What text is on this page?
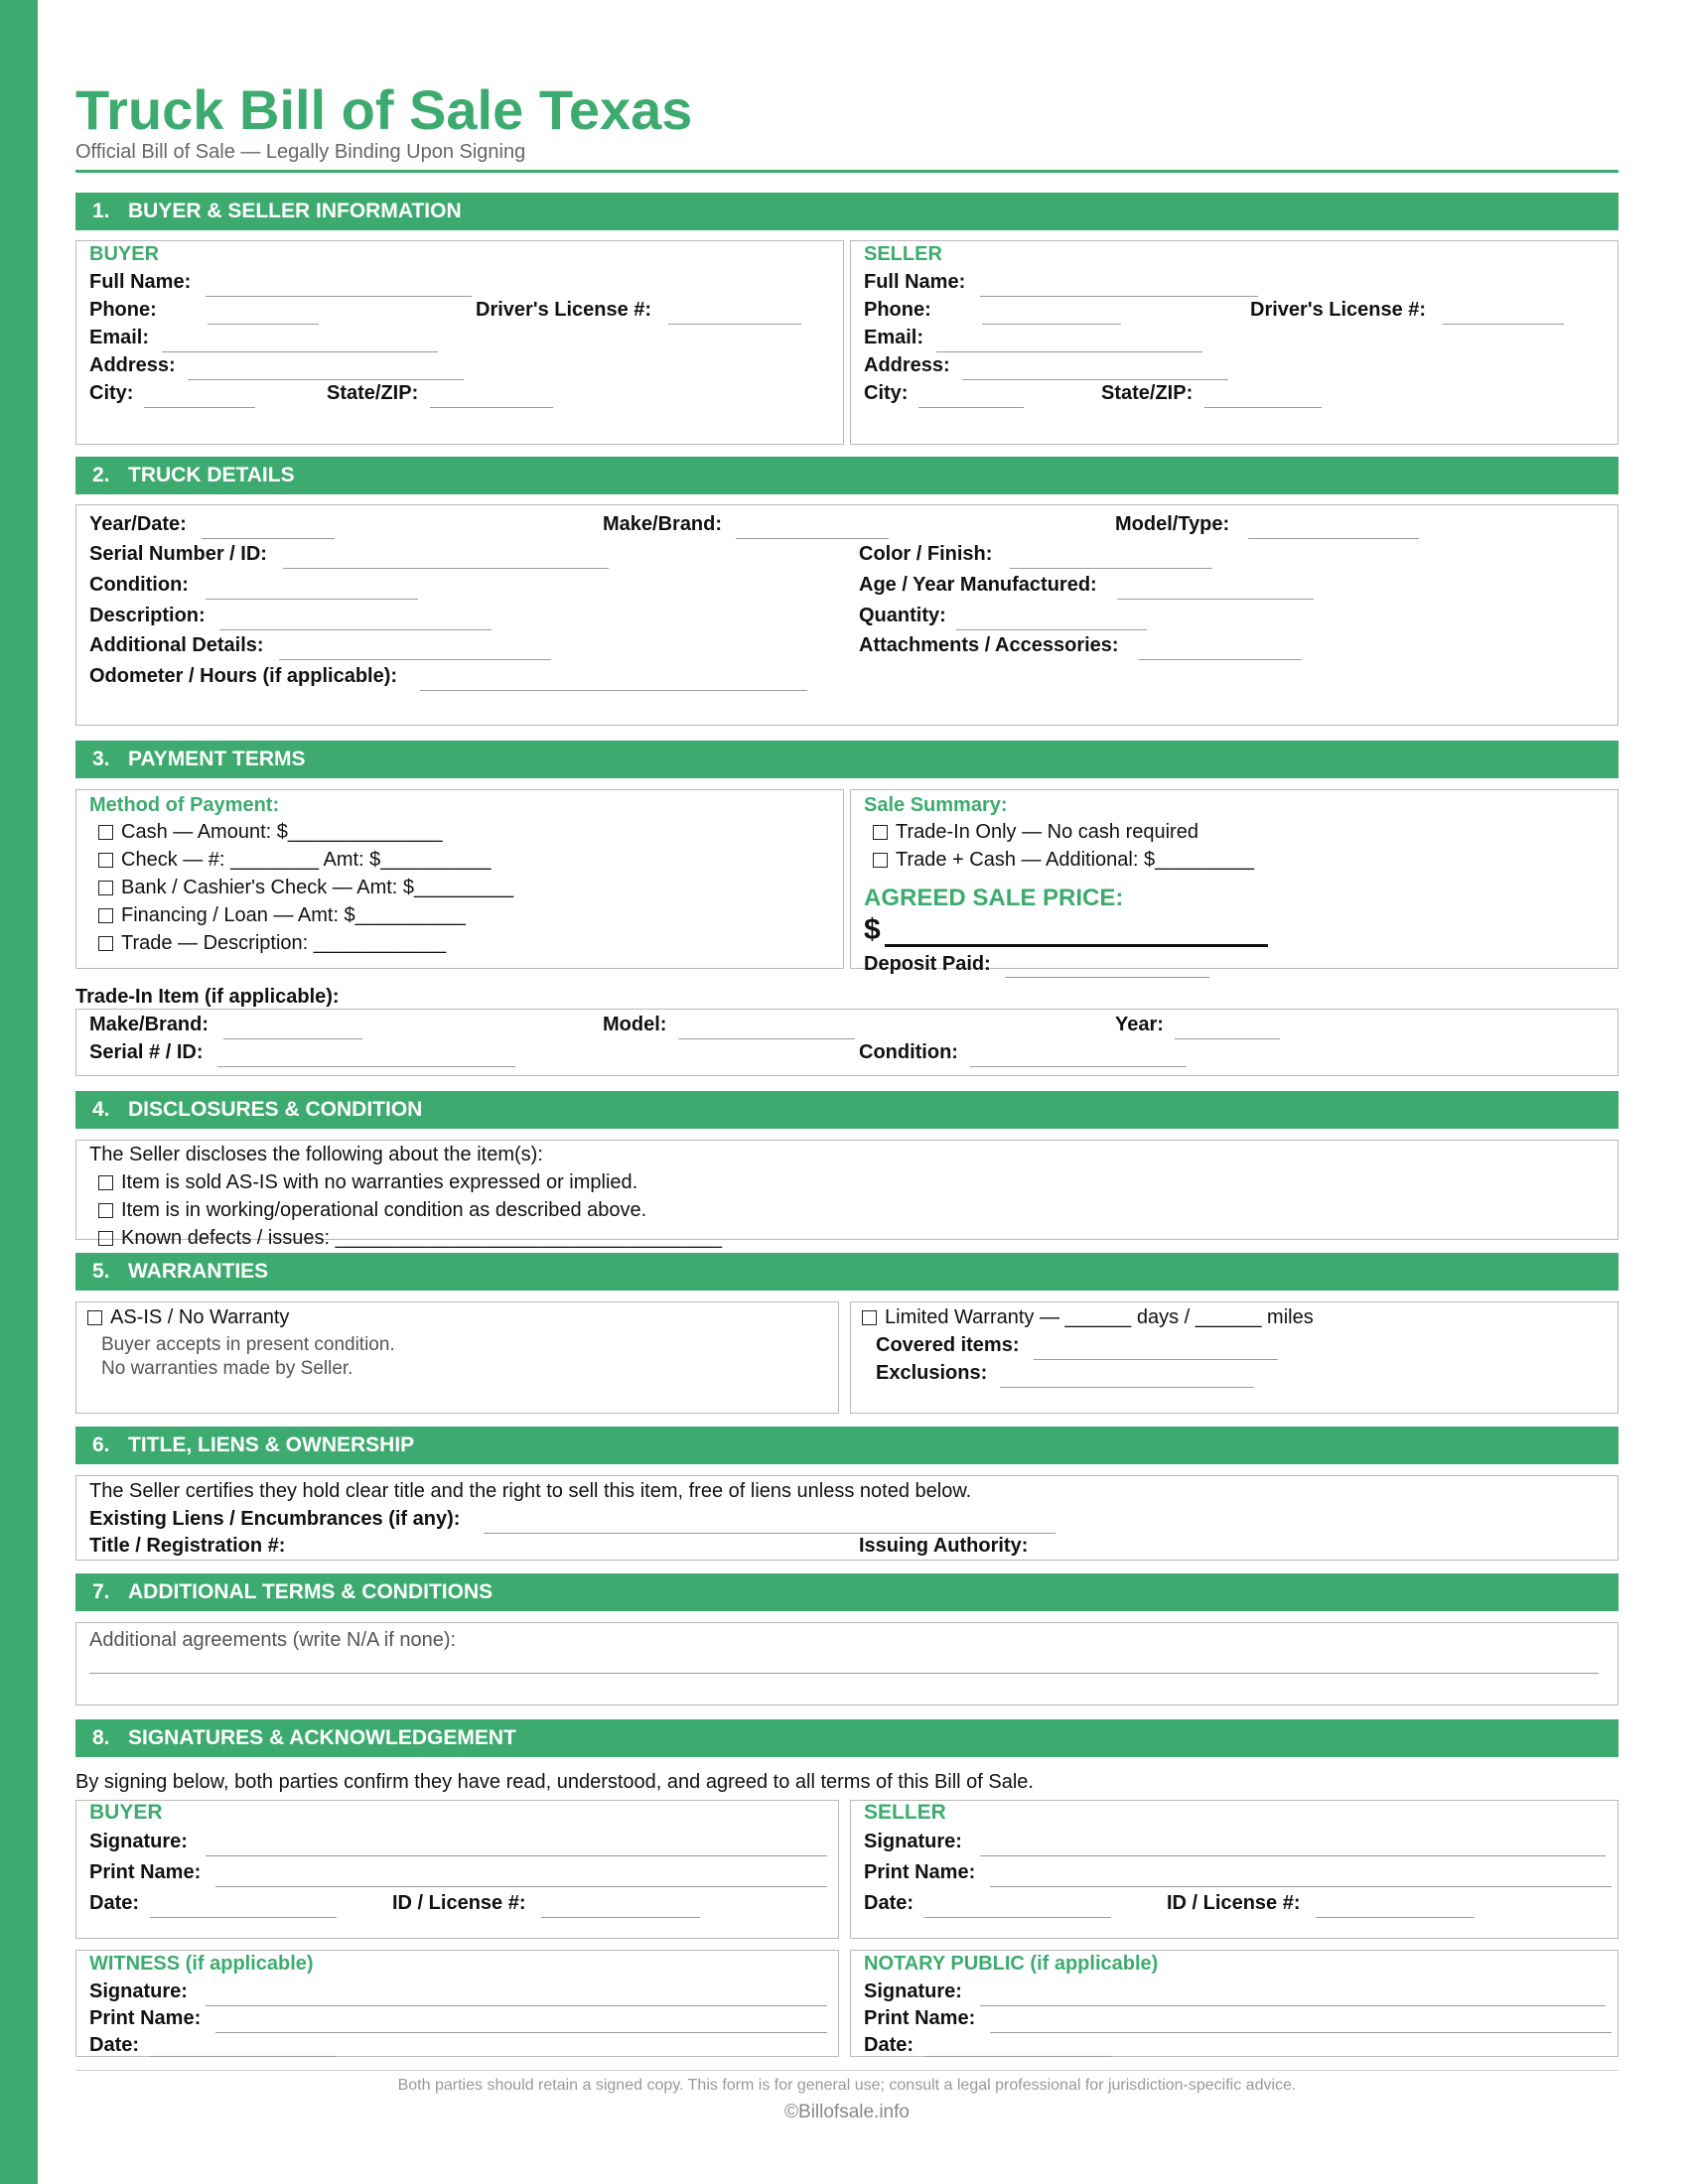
Truck Bill of Sale Texas
Official Bill of Sale — Legally Binding Upon Signing
1. BUYER & SELLER INFORMATION
BUYER
Full Name:
Phone:	Driver's License #:
Email:
Address:
City:	State/ZIP:
SELLER
Full Name:
Phone:	Driver's License #:
Email:
Address:
City:	State/ZIP:
2. TRUCK DETAILS
Year/Date:	Make/Brand:	Model/Type:
Serial Number / ID:	Color / Finish:
Condition:	Age / Year Manufactured:
Description:	Quantity:
Additional Details:	Attachments / Accessories:
Odometer / Hours (if applicable):
3. PAYMENT TERMS
Method of Payment:
Cash — Amount: $______________
Check — #: ________ Amt: $__________
Bank / Cashier's Check — Amt: $_________
Financing / Loan — Amt: $__________
Trade — Description: ____________
Sale Summary:
Trade-In Only — No cash required
Trade + Cash — Additional: $_________
AGREED SALE PRICE:
$
Deposit Paid:
Trade-In Item (if applicable):
Make/Brand:	Model:	Year:
Serial # / ID:	Condition:
4. DISCLOSURES & CONDITION
The Seller discloses the following about the item(s):
Item is sold AS-IS with no warranties expressed or implied.
Item is in working/operational condition as described above.
Known defects / issues: ___________________________________
5. WARRANTIES
AS-IS / No Warranty
Buyer accepts in present condition.
No warranties made by Seller.
Limited Warranty — ______ days / ______ miles
Covered items:
Exclusions:
6. TITLE, LIENS & OWNERSHIP
The Seller certifies they hold clear title and the right to sell this item, free of liens unless noted below.
Existing Liens / Encumbrances (if any):
Title / Registration #:	Issuing Authority:
7. ADDITIONAL TERMS & CONDITIONS
Additional agreements (write N/A if none):
8. SIGNATURES & ACKNOWLEDGEMENT
By signing below, both parties confirm they have read, understood, and agreed to all terms of this Bill of Sale.
BUYER
Signature:
Print Name:
Date:	ID / License #:
SELLER
Signature:
Print Name:
Date:	ID / License #:
WITNESS (if applicable)
Signature:
Print Name:
Date:
NOTARY PUBLIC (if applicable)
Signature:
Print Name:
Date:
Both parties should retain a signed copy. This form is for general use; consult a legal professional for jurisdiction-specific advice.
©Billofsale.info
